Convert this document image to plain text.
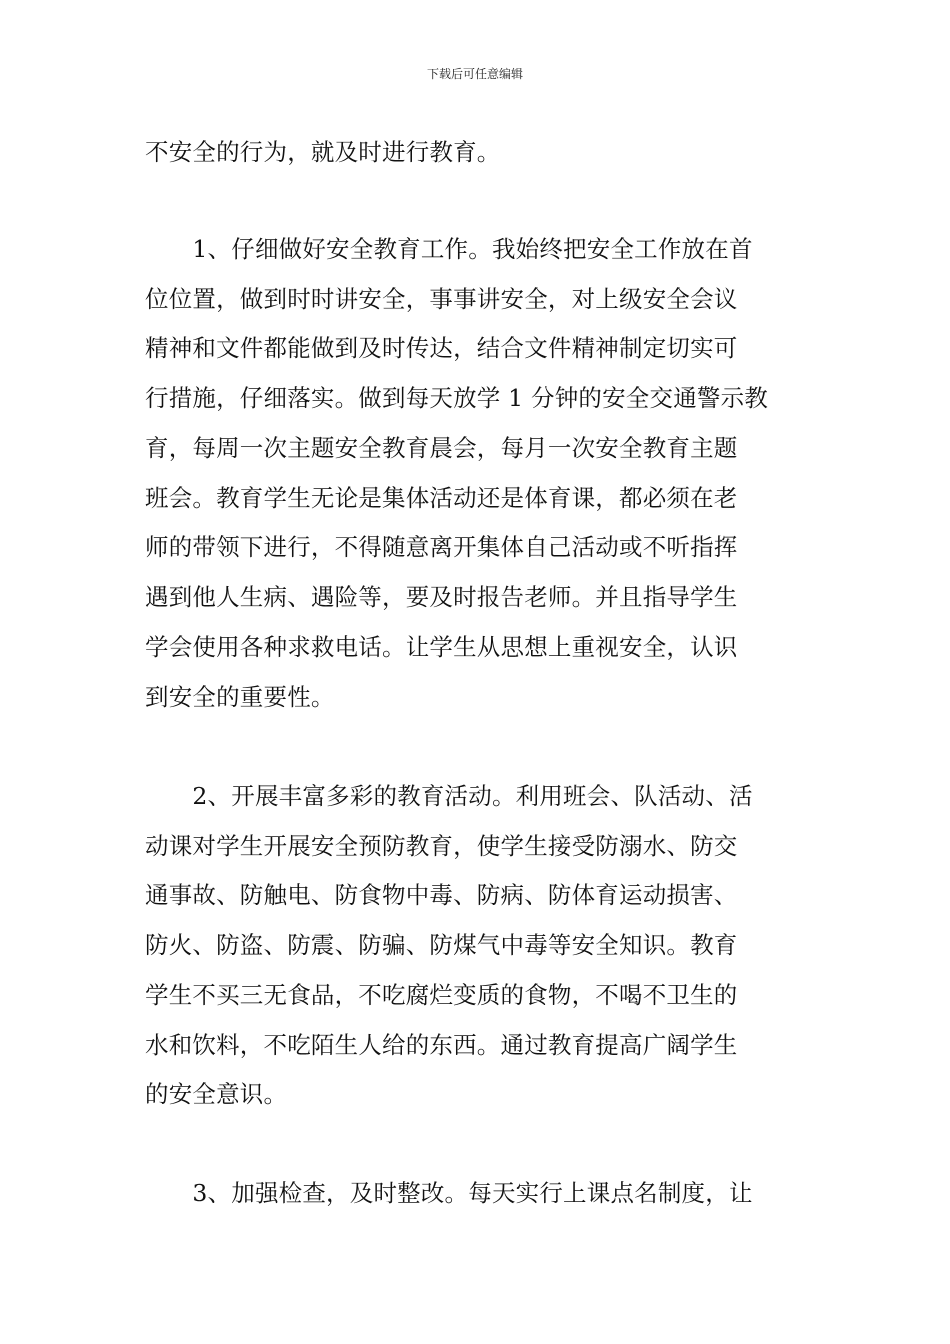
下载后可任意编辑
不安全的行为，就及时进行教育。
　　1、仔细做好安全教育工作。我始终把安全工作放在首
位位置，做到时时讲安全，事事讲安全，对上级安全会议
精神和文件都能做到及时传达，结合文件精神制定切实可
行措施，仔细落实。做到每天放学 1 分钟的安全交通警示教
育，每周一次主题安全教育晨会，每月一次安全教育主题
班会。教育学生无论是集体活动还是体育课，都必须在老
师的带领下进行，不得随意离开集体自己活动或不听指挥
遇到他人生病、遇险等，要及时报告老师。并且指导学生
学会使用各种求救电话。让学生从思想上重视安全，认识
到安全的重要性。
　　2、开展丰富多彩的教育活动。利用班会、队活动、活
动课对学生开展安全预防教育，使学生接受防溺水、防交
通事故、防触电、防食物中毒、防病、防体育运动损害、
防火、防盗、防震、防骗、防煤气中毒等安全知识。教育
学生不买三无食品，不吃腐烂变质的食物，不喝不卫生的
水和饮料，不吃陌生人给的东西。通过教育提高广阔学生
的安全意识。
　　3、加强检查，及时整改。每天实行上课点名制度，让
